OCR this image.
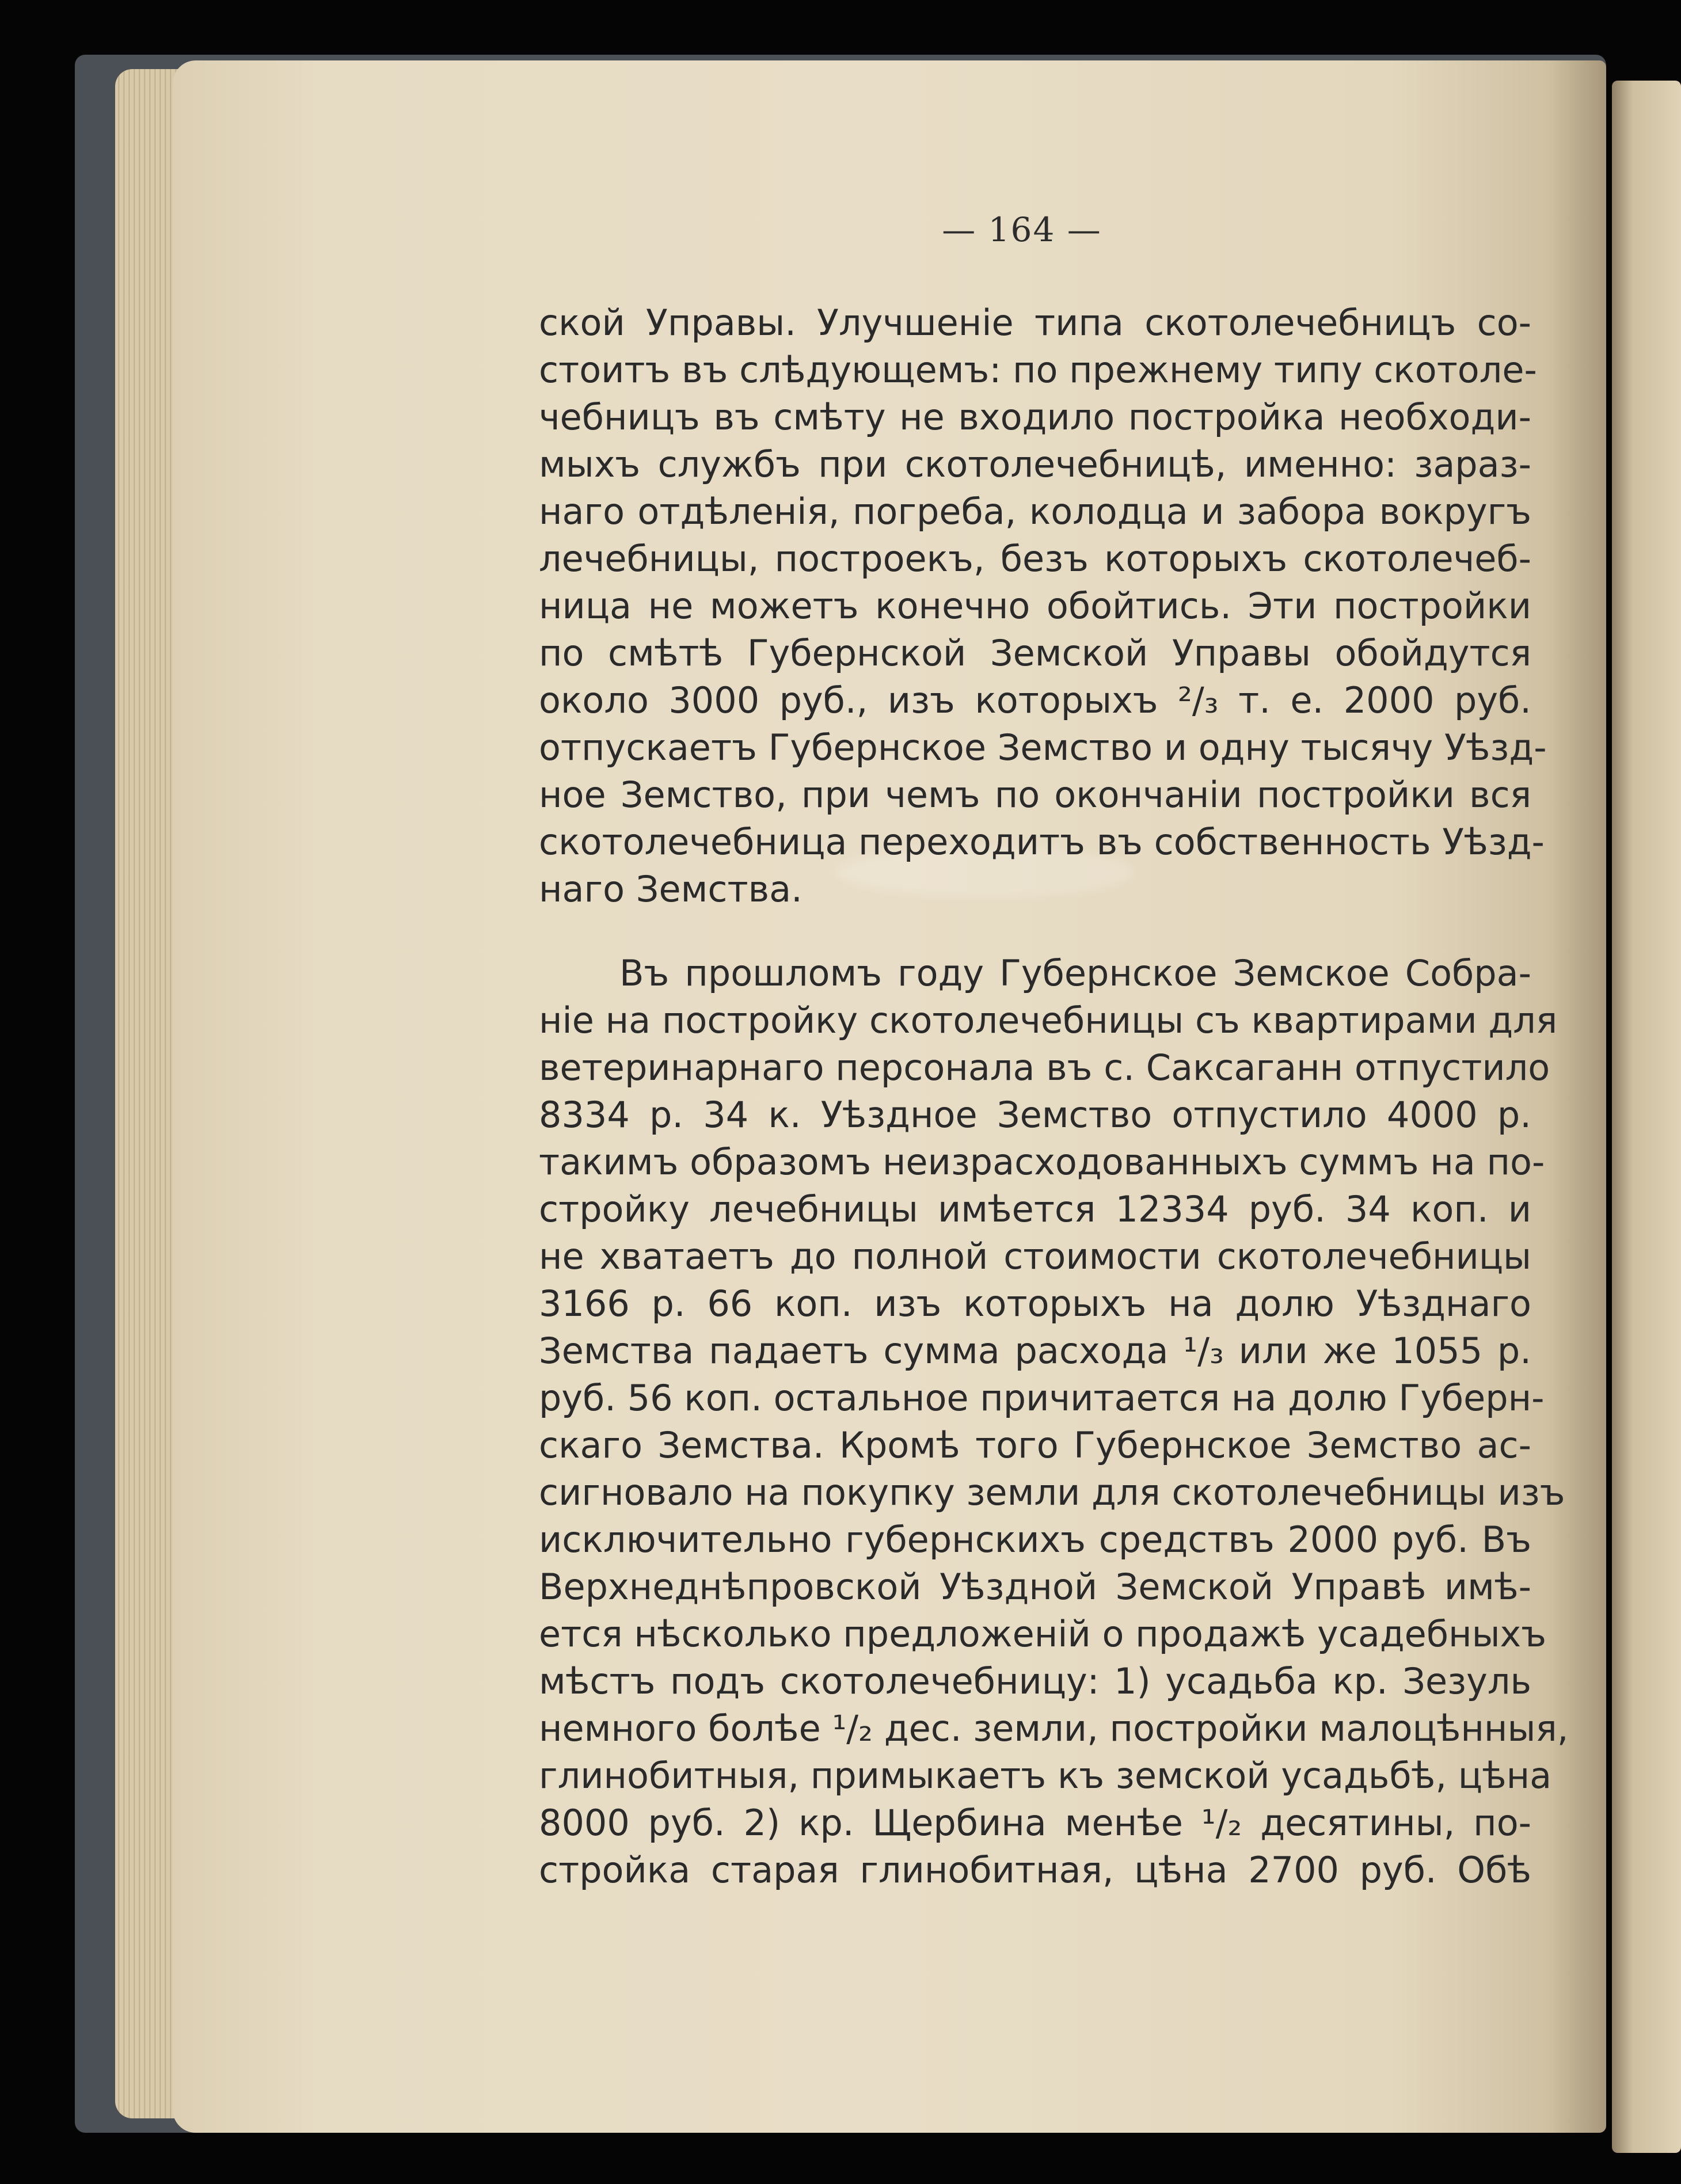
— 164 —
ской Управы. Улучшеніе типа скотолечебницъ со-
стоитъ въ слѣдующемъ: по прежнему типу скотоле-
чебницъ въ смѣту не входило постройка необходи-
мыхъ службъ при скотолечебницѣ, именно: зараз-
наго отдѣленія, погреба, колодца и забора вокругъ
лечебницы, построекъ, безъ которыхъ скотолечеб-
ница не можетъ конечно обойтись. Эти постройки
по смѣтѣ Губернской Земской Управы обойдутся
около 3000 руб., изъ которыхъ ²/₃ т. е. 2000 руб.
отпускаетъ Губернское Земство и одну тысячу Уѣзд-
ное Земство, при чемъ по окончаніи постройки вся
скотолечебница переходитъ въ собственность Уѣзд-
наго Земства.
Въ прошломъ году Губернское Земское Собра-
ніе на постройку скотолечебницы съ квартирами для
ветеринарнаго персонала въ с. Саксаганн отпустило
8334 р. 34 к. Уѣздное Земство отпустило 4000 р.
такимъ образомъ неизрасходованныхъ суммъ на по-
стройку лечебницы имѣется 12334 руб. 34 коп. и
не хватаетъ до полной стоимости скотолечебницы
3166 р. 66 коп. изъ которыхъ на долю Уѣзднаго
Земства падаетъ сумма расхода ¹/₃ или же 1055 р.
руб. 56 коп. остальное причитается на долю Губерн-
скаго Земства. Кромѣ того Губернское Земство ас-
сигновало на покупку земли для скотолечебницы изъ
исключительно губернскихъ средствъ 2000 руб. Въ
Верхнеднѣпровской Уѣздной Земской Управѣ имѣ-
ется нѣсколько предложеній о продажѣ усадебныхъ
мѣстъ подъ скотолечебницу: 1) усадьба кр. Зезуль
немного болѣе ¹/₂ дес. земли, постройки малоцѣнныя,
глинобитныя, примыкаетъ къ земской усадьбѣ, цѣна
8000 руб. 2) кр. Щербина менѣе ¹/₂ десятины, по-
стройка старая глинобитная, цѣна 2700 руб. Обѣ
